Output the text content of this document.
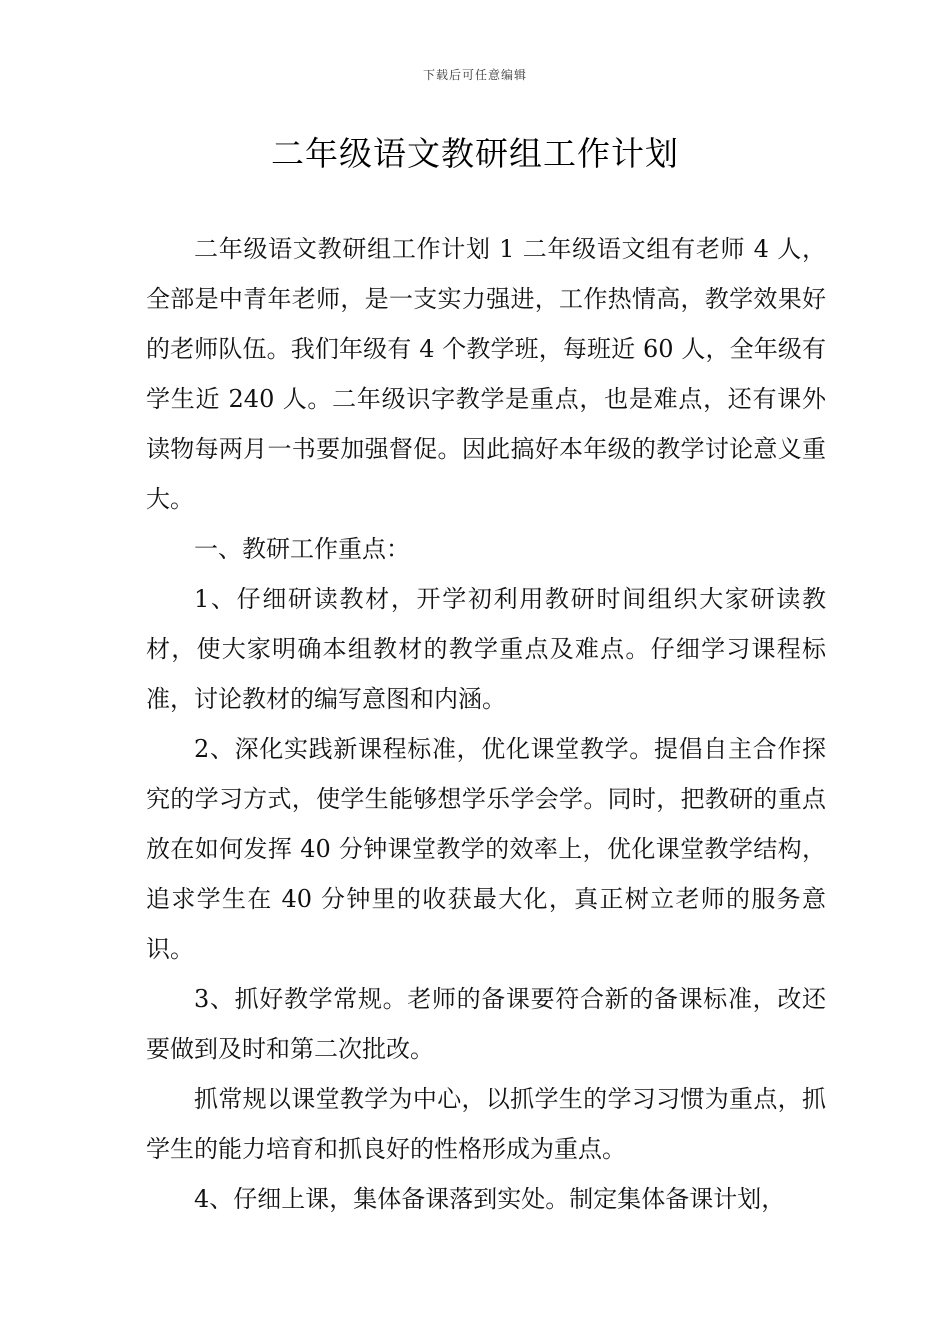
下载后可任意编辑
二年级语文教研组工作计划

二年级语文教研组工作计划 1 二年级语文组有老师 4 人，全部是中青年老师，是一支实力强进，工作热情高，教学效果好的老师队伍。我们年级有 4 个教学班，每班近 60 人，全年级有学生近 240 人。二年级识字教学是重点，也是难点，还有课外读物每两月一书要加强督促。因此搞好本年级的教学讨论意义重大。

一、教研工作重点：

1、仔细研读教材，开学初利用教研时间组织大家研读教材，使大家明确本组教材的教学重点及难点。仔细学习课程标准，讨论教材的编写意图和内涵。

2、深化实践新课程标准，优化课堂教学。提倡自主合作探究的学习方式，使学生能够想学乐学会学。同时，把教研的重点放在如何发挥 40 分钟课堂教学的效率上，优化课堂教学结构，追求学生在 40 分钟里的收获最大化，真正树立老师的服务意识。

3、抓好教学常规。老师的备课要符合新的备课标准，改还要做到及时和第二次批改。

抓常规以课堂教学为中心，以抓学生的学习习惯为重点，抓学生的能力培育和抓良好的性格形成为重点。

4、仔细上课，集体备课落到实处。制定集体备课计划，
